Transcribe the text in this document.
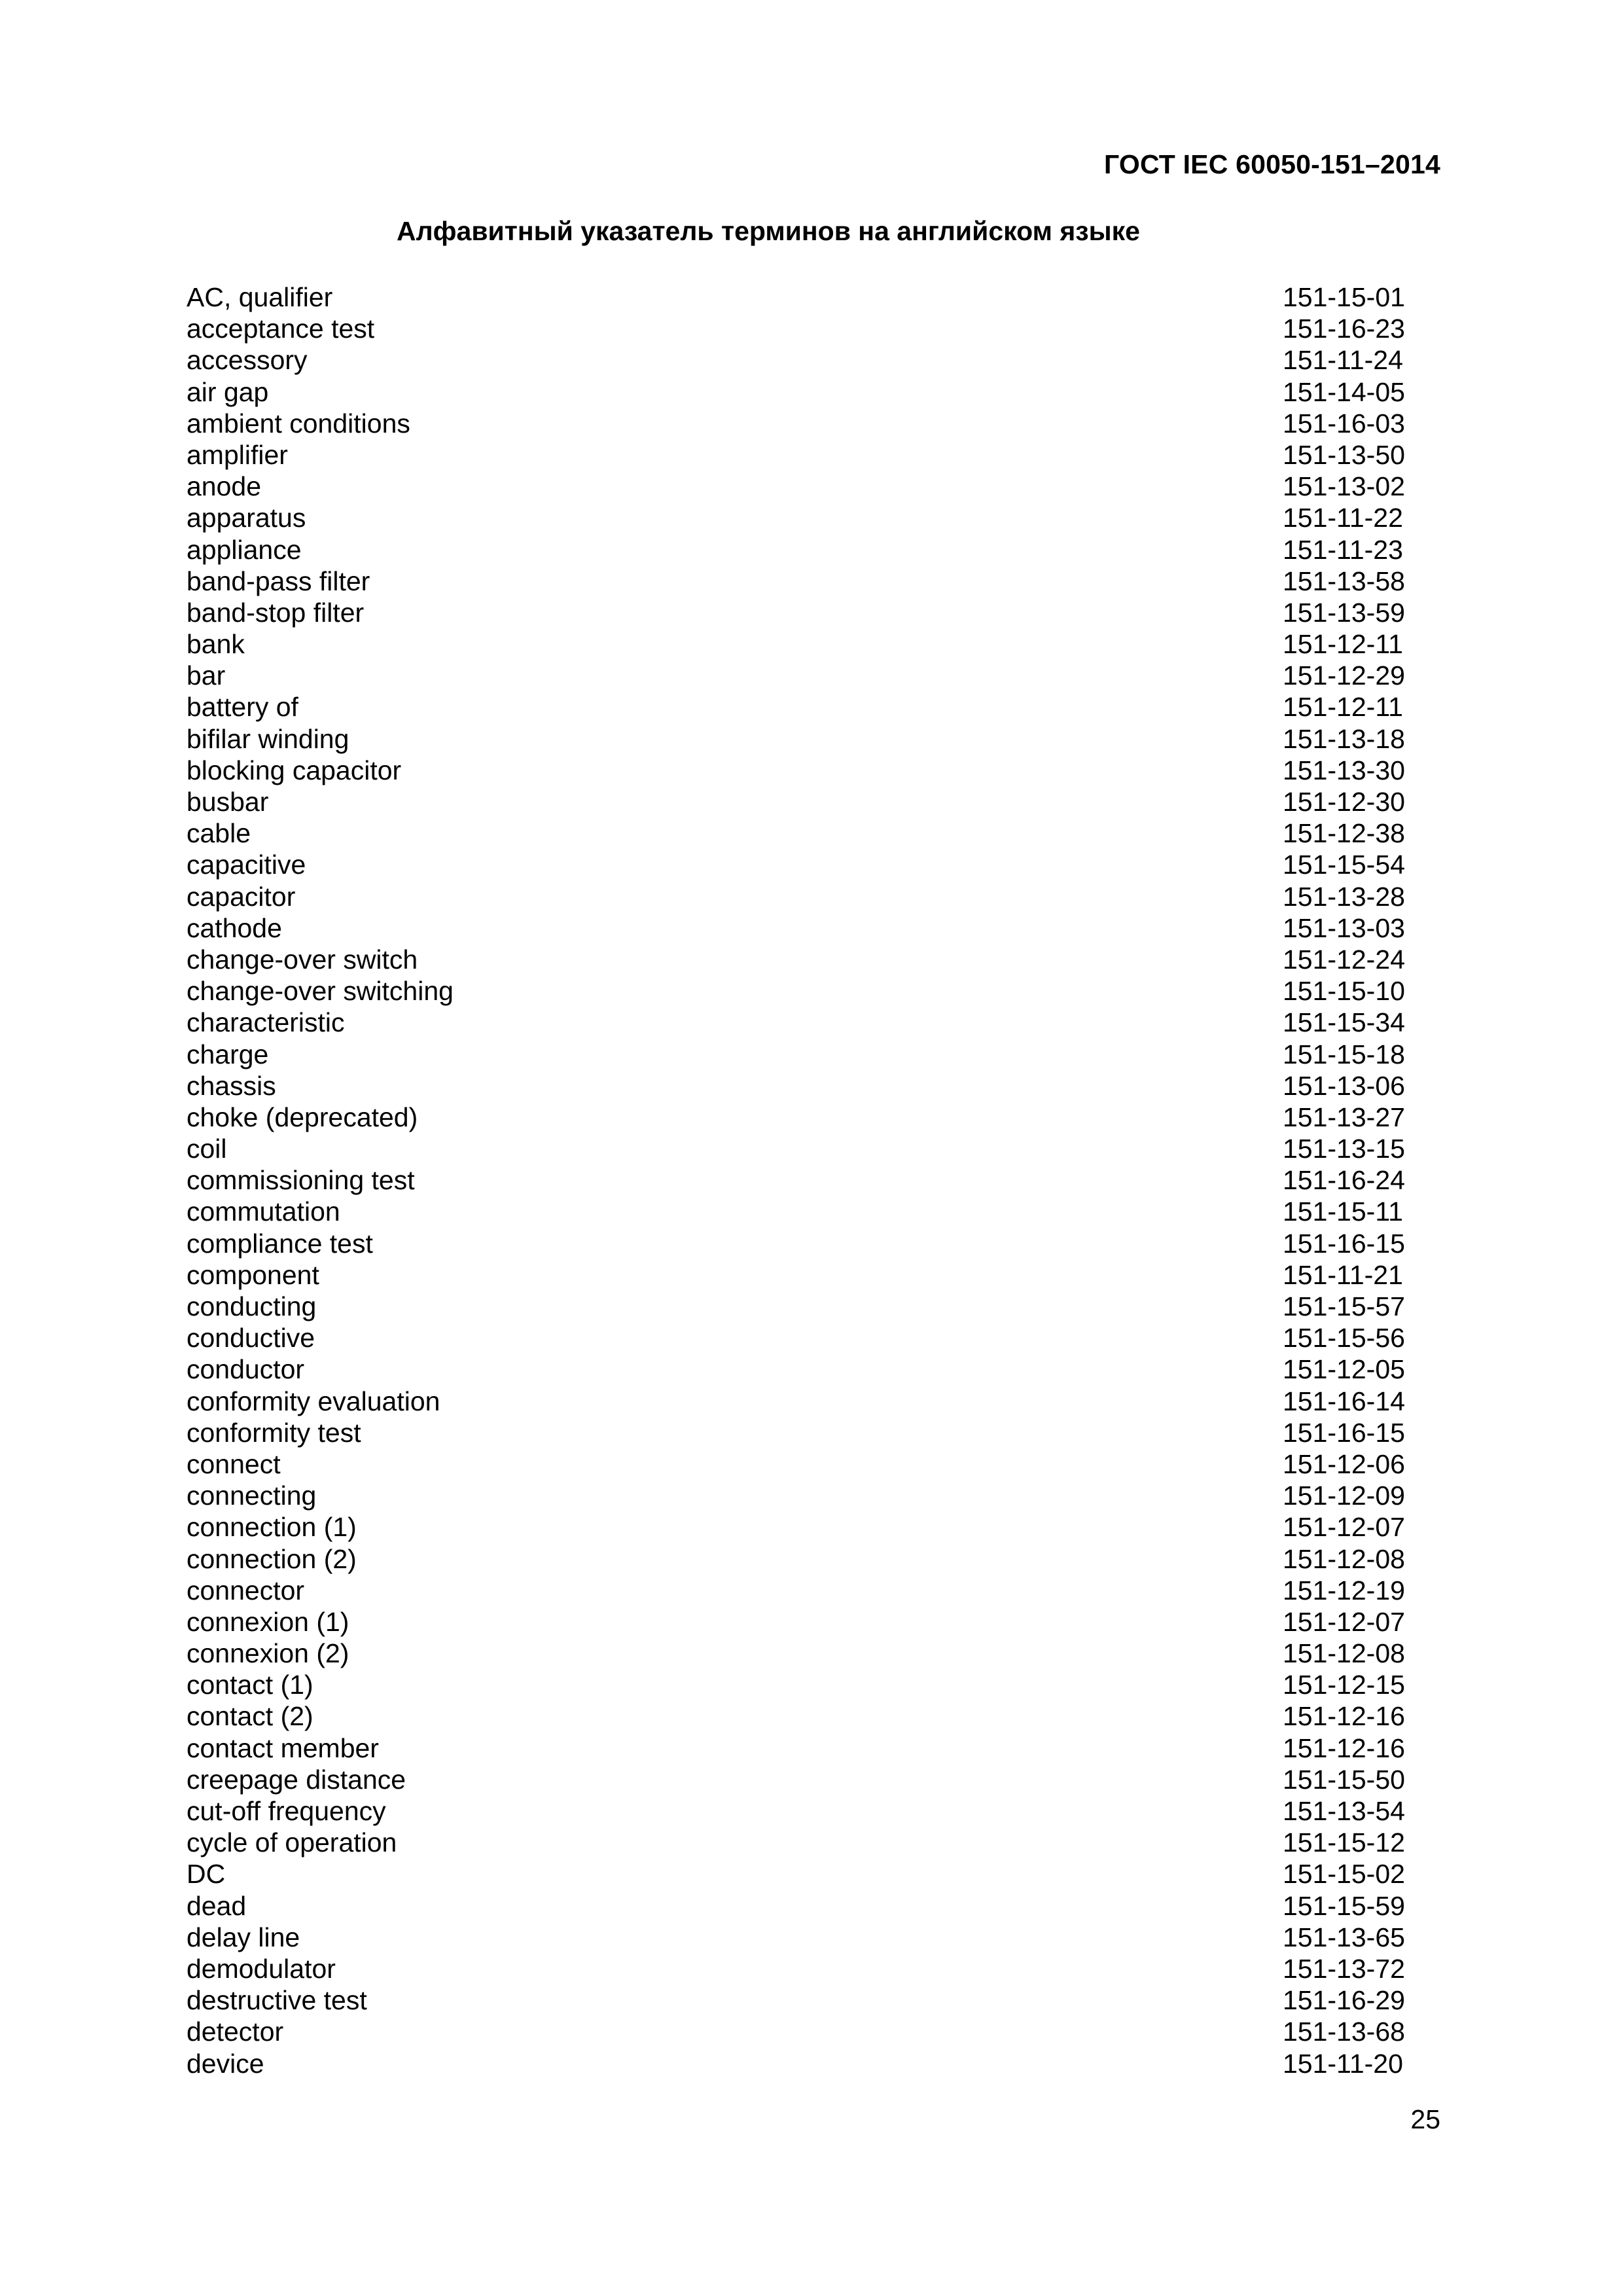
ГОСТ IEC 60050-151–2014
Алфавитный указатель терминов на английском языке
AC, qualifier	151-15-01
acceptance test	151-16-23
accessory	151-11-24
air gap	151-14-05
ambient conditions	151-16-03
amplifier	151-13-50
anode	151-13-02
apparatus	151-11-22
appliance	151-11-23
band-pass filter	151-13-58
band-stop filter	151-13-59
bank	151-12-11
bar	151-12-29
battery of	151-12-11
bifilar winding	151-13-18
blocking capacitor	151-13-30
busbar	151-12-30
cable	151-12-38
capacitive	151-15-54
capacitor	151-13-28
cathode	151-13-03
change-over switch	151-12-24
change-over switching	151-15-10
characteristic	151-15-34
charge	151-15-18
chassis	151-13-06
choke (deprecated)	151-13-27
coil	151-13-15
commissioning test	151-16-24
commutation	151-15-11
compliance test	151-16-15
component	151-11-21
conducting	151-15-57
conductive	151-15-56
conductor	151-12-05
conformity evaluation	151-16-14
conformity test	151-16-15
connect	151-12-06
connecting	151-12-09
connection (1)	151-12-07
connection (2)	151-12-08
connector	151-12-19
connexion (1)	151-12-07
connexion (2)	151-12-08
contact (1)	151-12-15
contact (2)	151-12-16
contact member	151-12-16
creepage distance	151-15-50
cut-off frequency	151-13-54
cycle of operation	151-15-12
DC	151-15-02
dead	151-15-59
delay line	151-13-65
demodulator	151-13-72
destructive test	151-16-29
detector	151-13-68
device	151-11-20
25
